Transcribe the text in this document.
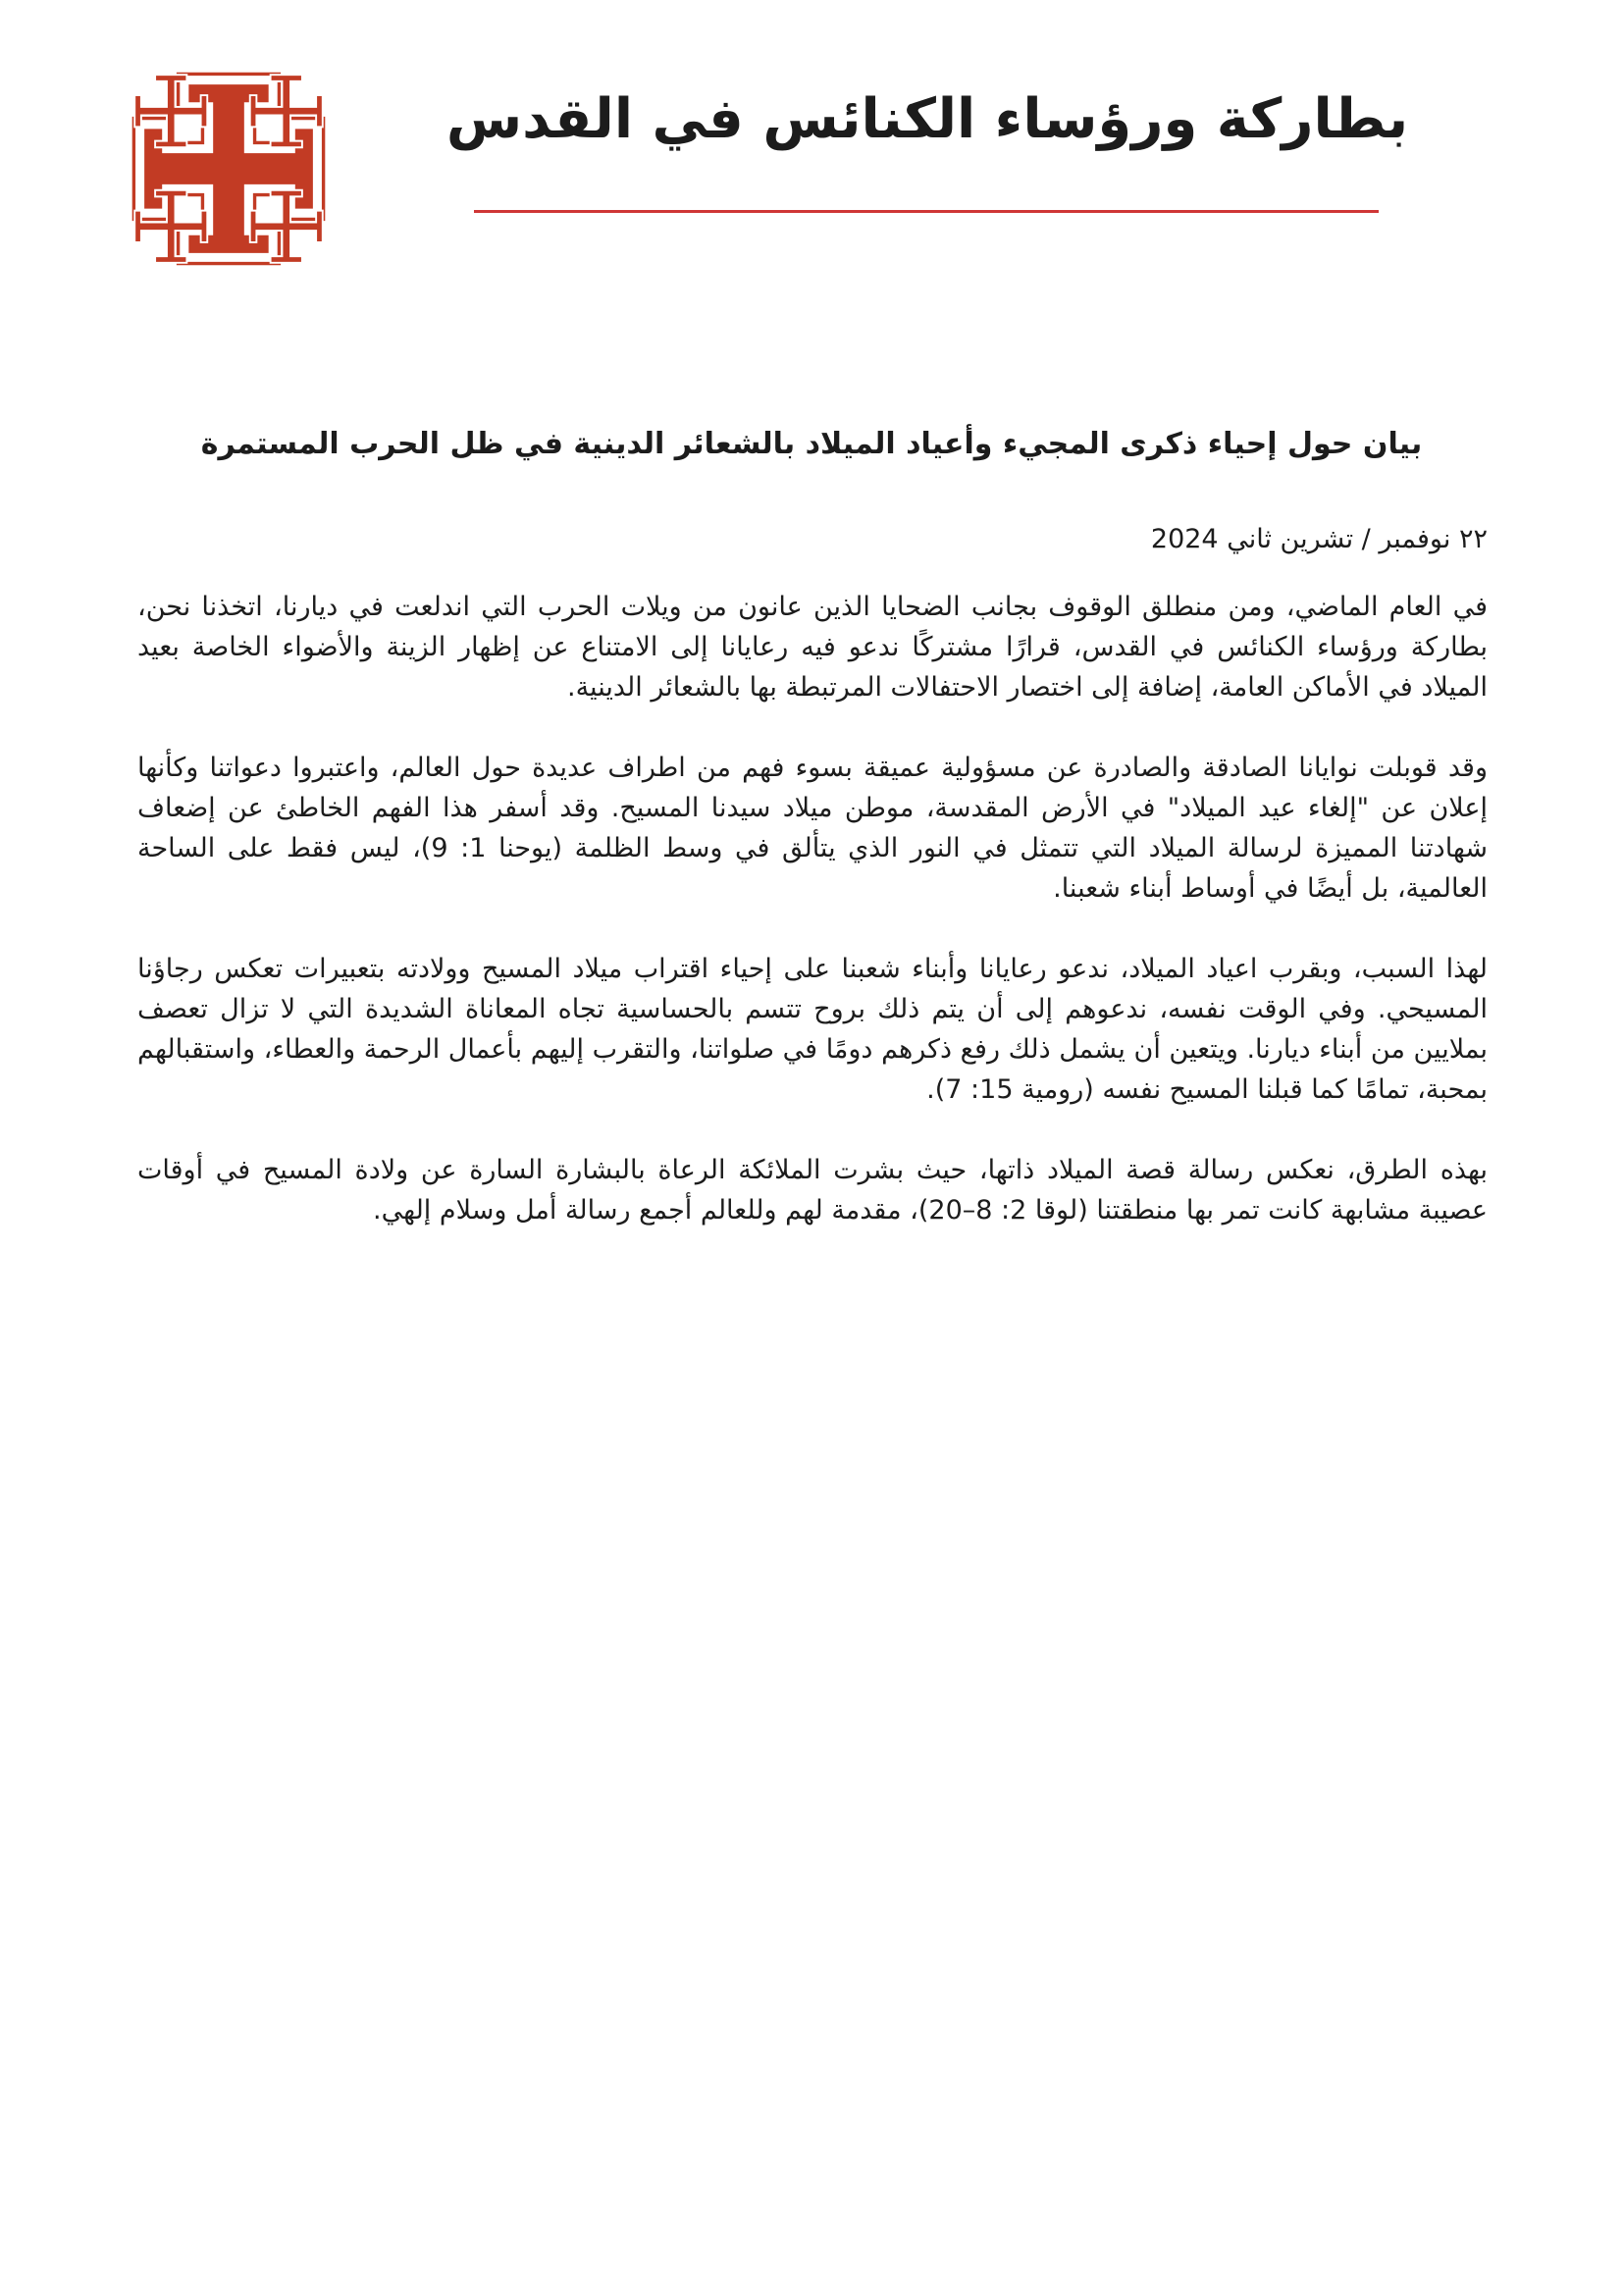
بطاركة ورؤساء الكنائس في القدس
بيان حول إحياء ذكرى المجيء وأعياد الميلاد بالشعائر الدينية في ظل الحرب المستمرة
٢٢ نوفمبر / تشرين ثاني 2024

في العام الماضي، ومن منطلق الوقوف بجانب الضحايا الذين عانون من ويلات الحرب التي اندلعت في ديارنا، اتخذنا نحن، بطاركة ورؤساء الكنائس في القدس، قرارًا مشتركًا ندعو فيه رعايانا إلى الامتناع عن إظهار الزينة والأضواء الخاصة بعيد الميلاد في الأماكن العامة، إضافة إلى اختصار الاحتفالات المرتبطة بها بالشعائر الدينية.

وقد قوبلت نوايانا الصادقة والصادرة عن مسؤولية عميقة بسوء فهم من اطراف عديدة حول العالم، واعتبروا دعواتنا وكأنها إعلان عن "إلغاء عيد الميلاد" في الأرض المقدسة، موطن ميلاد سيدنا المسيح. وقد أسفر هذا الفهم الخاطئ عن إضعاف شهادتنا المميزة لرسالة الميلاد التي تتمثل في النور الذي يتألق في وسط الظلمة (يوحنا 1: 9)، ليس فقط على الساحة العالمية، بل أيضًا في أوساط أبناء شعبنا.

لهذا السبب، وبقرب اعياد الميلاد، ندعو رعايانا وأبناء شعبنا على إحياء اقتراب ميلاد المسيح وولادته بتعبيرات تعكس رجاؤنا المسيحي. وفي الوقت نفسه، ندعوهم إلى أن يتم ذلك بروح تتسم بالحساسية تجاه المعاناة الشديدة التي لا تزال تعصف بملايين من أبناء ديارنا. ويتعين أن يشمل ذلك رفع ذكرهم دومًا في صلواتنا، والتقرب إليهم بأعمال الرحمة والعطاء، واستقبالهم بمحبة، تمامًا كما قبلنا المسيح نفسه (رومية 15: 7).

بهذه الطرق، نعكس رسالة قصة الميلاد ذاتها، حيث بشرت الملائكة الرعاة بالبشارة السارة عن ولادة المسيح في أوقات عصيبة مشابهة كانت تمر بها منطقتنا (لوقا 2: 8–20)، مقدمة لهم وللعالم أجمع رسالة أمل وسلام إلهي.
